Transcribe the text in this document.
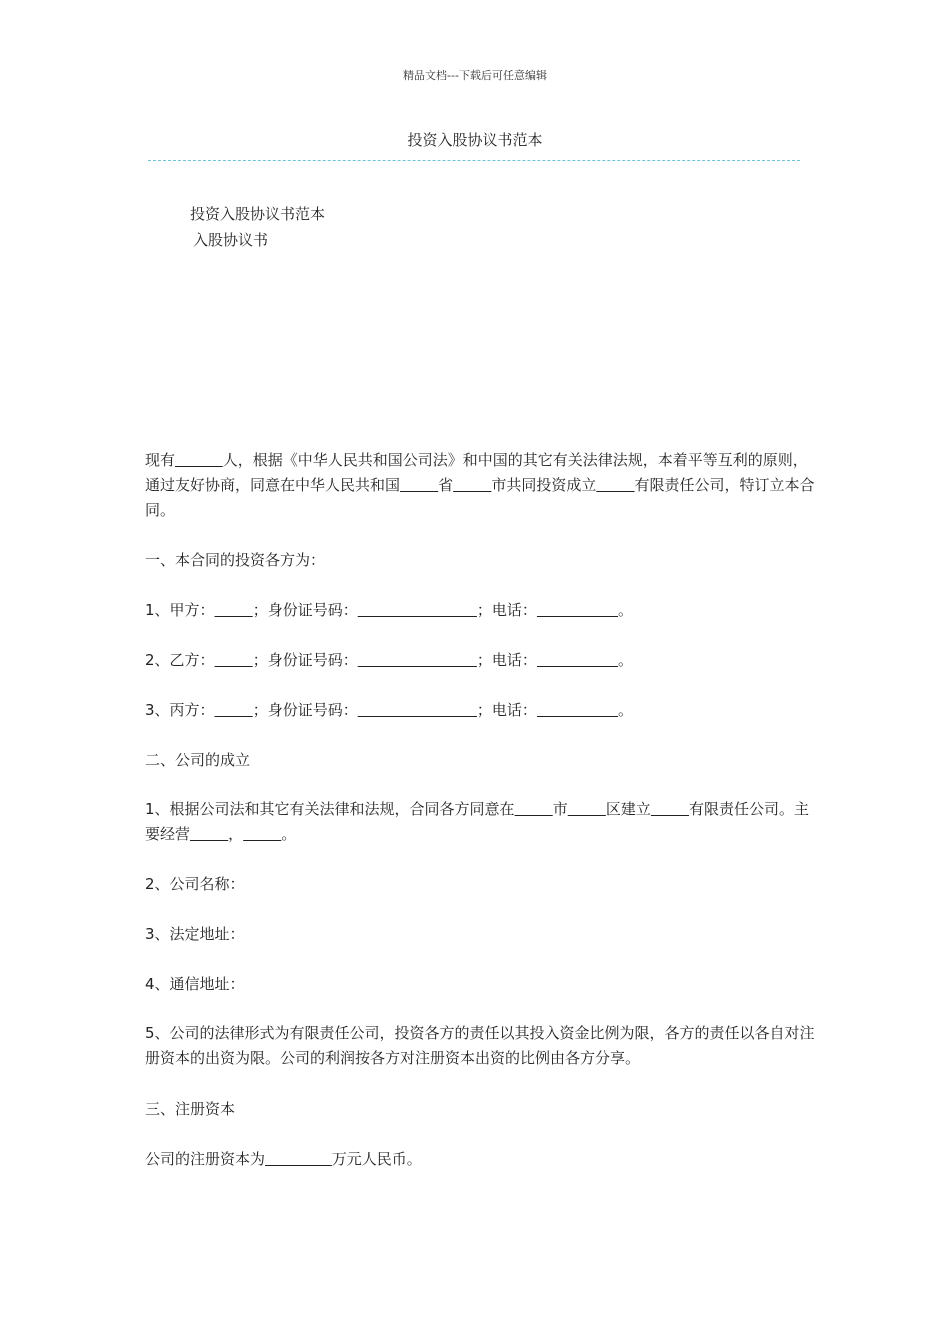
精品文档---下载后可任意编辑
投资入股协议书范本
投资入股协议书范本
入股协议书
现有	人，根据《中华人民共和国公司法》和中国的其它有关法律法规，本着平等互利的原则，通过友好协商，同意在中华人民共和国	省	市共同投资成立	有限责任公司，特订立本合同。
一、本合同的投资各方为：
1、甲方：	；身份证号码：	；电话：	。
2、乙方：	；身份证号码：	；电话：	。
3、丙方：	；身份证号码：	；电话：	。
二、公司的成立
1、根据公司法和其它有关法律和法规，合同各方同意在	市	区建立	有限责任公司。主要经营	，	。
2、公司名称：
3、法定地址：
4、通信地址：
5、公司的法律形式为有限责任公司，投资各方的责任以其投入资金比例为限，各方的责任以各自对注册资本的出资为限。公司的利润按各方对注册资本出资的比例由各方分享。
三、注册资本
公司的注册资本为	万元人民币。
